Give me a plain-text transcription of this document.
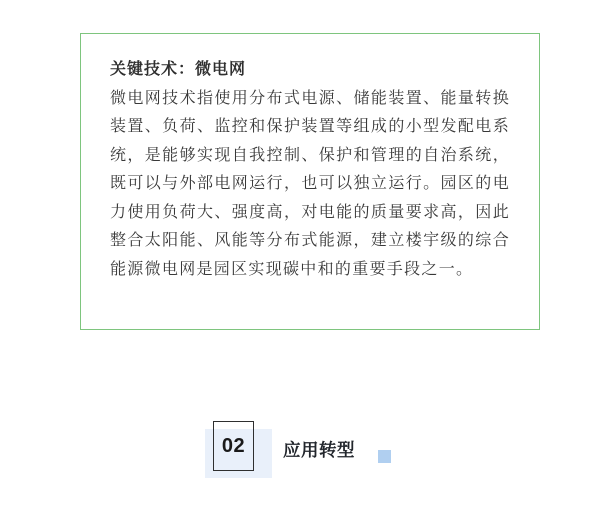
关键技术：微电网

微电网技术指使用分布式电源、储能装置、能量转换装置、负荷、监控和保护装置等组成的小型发配电系统，是能够实现自我控制、保护和管理的自治系统，既可以与外部电网运行，也可以独立运行。园区的电力使用负荷大、强度高，对电能的质量要求高，因此整合太阳能、风能等分布式能源，建立楼宇级的综合能源微电网是园区实现碳中和的重要手段之一。

02 应用转型
